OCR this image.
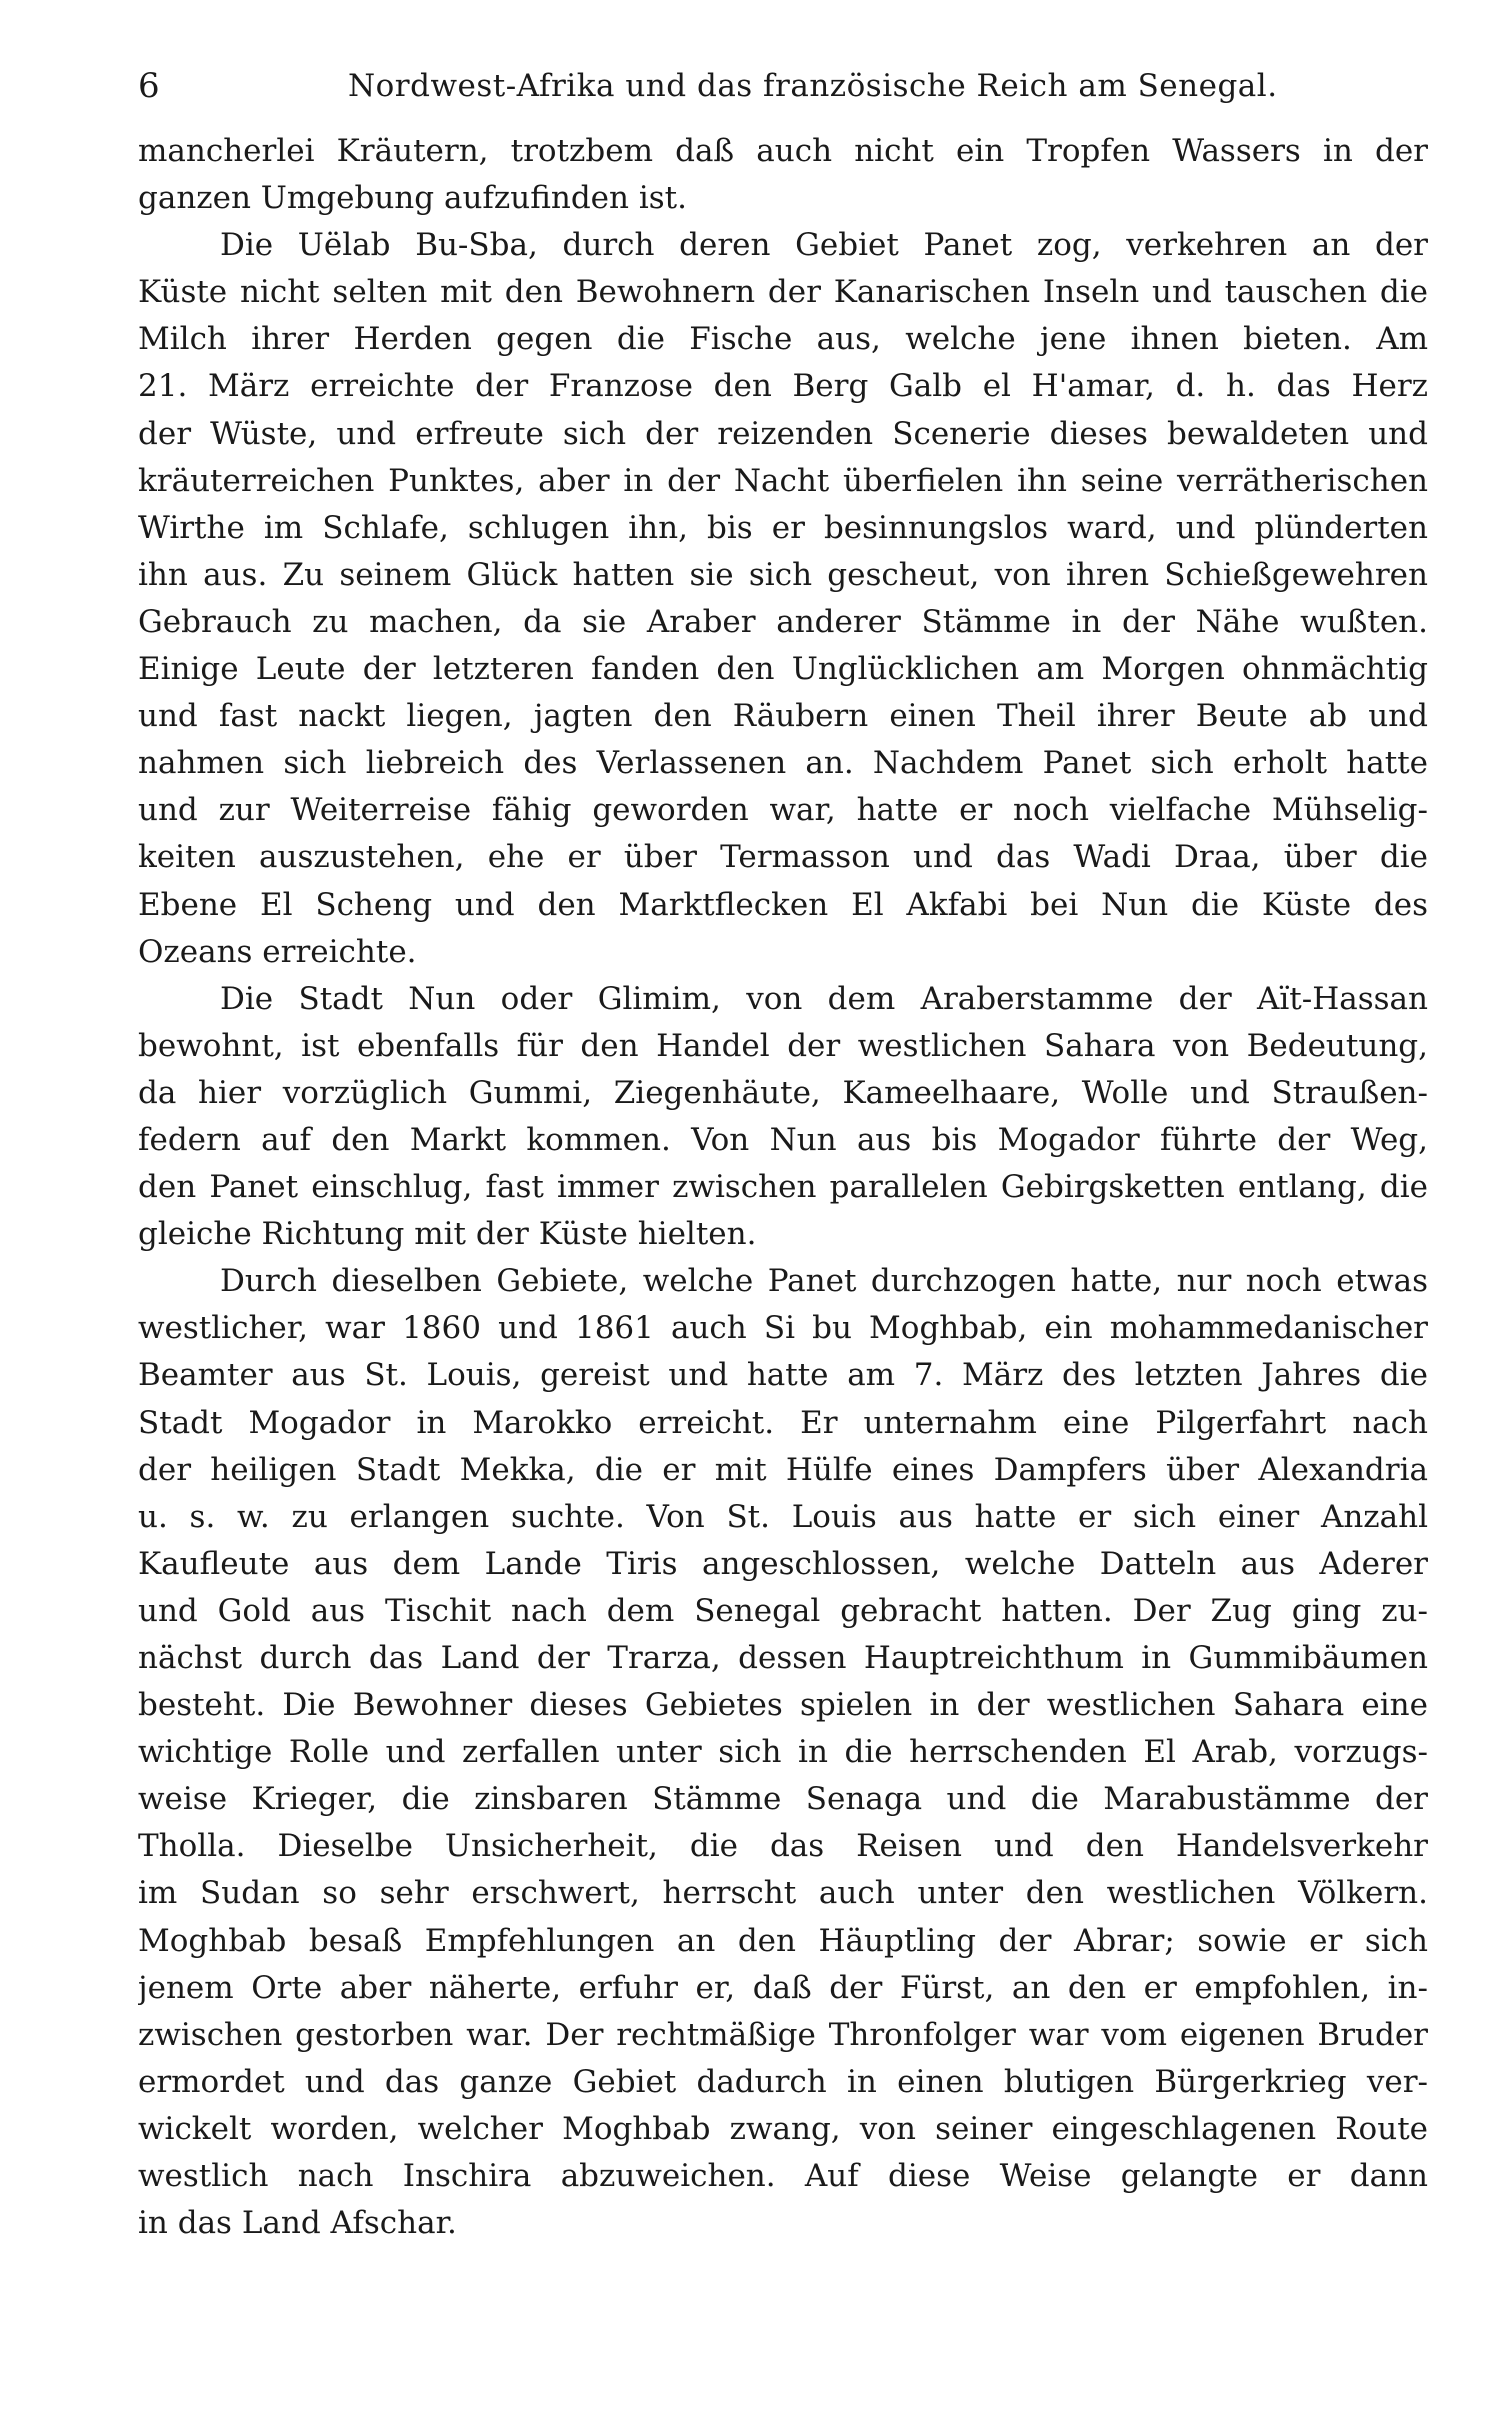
6	Nordwest-Afrika und das französische Reich am Senegal.
mancherlei Kräutern, trotzbem daß auch nicht ein Tropfen Wassers in der
ganzen Umgebung aufzufinden ist.
Die Uëlab Bu-Sba, durch deren Gebiet Panet zog, verkehren an der
Küste nicht selten mit den Bewohnern der Kanarischen Inseln und tauschen die
Milch ihrer Herden gegen die Fische aus, welche jene ihnen bieten. Am
21. März erreichte der Franzose den Berg Galb el H'amar, d. h. das Herz
der Wüste, und erfreute sich der reizenden Scenerie dieses bewaldeten und
kräuterreichen Punktes, aber in der Nacht überfielen ihn seine verrätherischen
Wirthe im Schlafe, schlugen ihn, bis er besinnungslos ward, und plünderten
ihn aus. Zu seinem Glück hatten sie sich gescheut, von ihren Schießgewehren
Gebrauch zu machen, da sie Araber anderer Stämme in der Nähe wußten.
Einige Leute der letzteren fanden den Unglücklichen am Morgen ohnmächtig
und fast nackt liegen, jagten den Räubern einen Theil ihrer Beute ab und
nahmen sich liebreich des Verlassenen an. Nachdem Panet sich erholt hatte
und zur Weiterreise fähig geworden war, hatte er noch vielfache Mühselig-
keiten auszustehen, ehe er über Termasson und das Wadi Draa, über die
Ebene El Scheng und den Marktflecken El Akfabi bei Nun die Küste des
Ozeans erreichte.
Die Stadt Nun oder Glimim, von dem Araberstamme der Aït-Hassan
bewohnt, ist ebenfalls für den Handel der westlichen Sahara von Bedeutung,
da hier vorzüglich Gummi, Ziegenhäute, Kameelhaare, Wolle und Straußen-
federn auf den Markt kommen. Von Nun aus bis Mogador führte der Weg,
den Panet einschlug, fast immer zwischen parallelen Gebirgsketten entlang, die
gleiche Richtung mit der Küste hielten.
Durch dieselben Gebiete, welche Panet durchzogen hatte, nur noch etwas
westlicher, war 1860 und 1861 auch Si bu Moghbab, ein mohammedanischer
Beamter aus St. Louis, gereist und hatte am 7. März des letzten Jahres die
Stadt Mogador in Marokko erreicht. Er unternahm eine Pilgerfahrt nach
der heiligen Stadt Mekka, die er mit Hülfe eines Dampfers über Alexandria
u. s. w. zu erlangen suchte. Von St. Louis aus hatte er sich einer Anzahl
Kaufleute aus dem Lande Tiris angeschlossen, welche Datteln aus Aderer
und Gold aus Tischit nach dem Senegal gebracht hatten. Der Zug ging zu-
nächst durch das Land der Trarza, dessen Hauptreichthum in Gummibäumen
besteht. Die Bewohner dieses Gebietes spielen in der westlichen Sahara eine
wichtige Rolle und zerfallen unter sich in die herrschenden El Arab, vorzugs-
weise Krieger, die zinsbaren Stämme Senaga und die Marabustämme der
Tholla. Dieselbe Unsicherheit, die das Reisen und den Handelsverkehr
im Sudan so sehr erschwert, herrscht auch unter den westlichen Völkern.
Moghbab besaß Empfehlungen an den Häuptling der Abrar; sowie er sich
jenem Orte aber näherte, erfuhr er, daß der Fürst, an den er empfohlen, in-
zwischen gestorben war. Der rechtmäßige Thronfolger war vom eigenen Bruder
ermordet und das ganze Gebiet dadurch in einen blutigen Bürgerkrieg ver-
wickelt worden, welcher Moghbab zwang, von seiner eingeschlagenen Route
westlich nach Inschira abzuweichen. Auf diese Weise gelangte er dann
in das Land Afschar.
